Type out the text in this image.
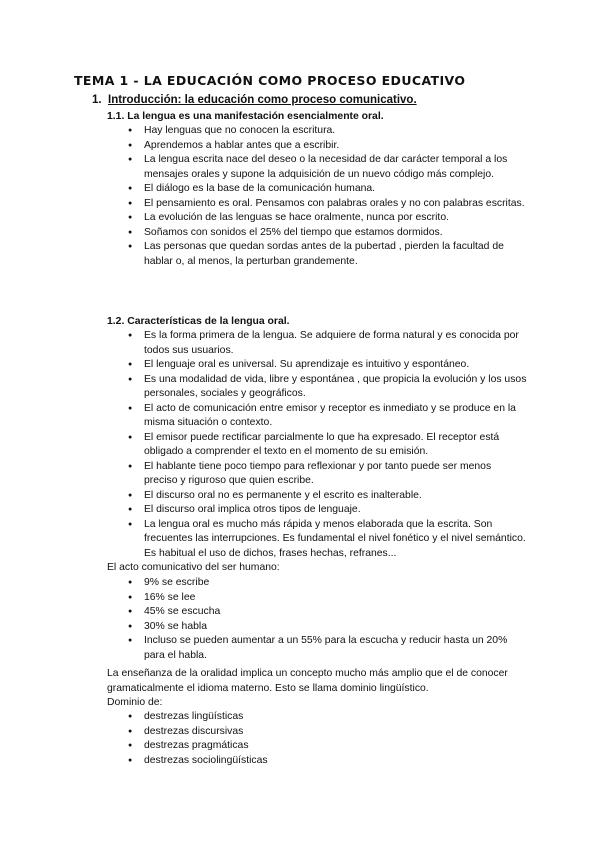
TEMA 1 - LA EDUCACIÓN COMO PROCESO EDUCATIVO
1. Introducción: la educación como proceso comunicativo.
1.1. La lengua es una manifestación esencialmente oral.
● Hay lenguas que no conocen la escritura.
● Aprendemos a hablar antes que a escribir.
● La lengua escrita nace del deseo o la necesidad de dar carácter temporal a los mensajes orales y supone la adquisición de un nuevo código más complejo.
● El diálogo es la base de la comunicación humana.
● El pensamiento es oral. Pensamos con palabras orales y no con palabras escritas.
● La evolución de las lenguas se hace oralmente, nunca por escrito.
● Soñamos con sonidos el 25% del tiempo que estamos dormidos.
● Las personas que quedan sordas antes de la pubertad , pierden la facultad de hablar o, al menos, la perturban grandemente.
1.2. Características de la lengua oral.
● Es la forma primera de la lengua. Se adquiere de forma natural y es conocida por todos sus usuarios.
● El lenguaje oral es universal. Su aprendizaje es intuitivo y espontáneo.
● Es una modalidad de vida, libre y espontánea , que propicia la evolución y los usos personales, sociales y geográficos.
● El acto de comunicación entre emisor y receptor es inmediato y se produce en la misma situación o contexto.
● El emisor puede rectificar parcialmente lo que ha expresado. El receptor está obligado a comprender el texto en el momento de su emisión.
● El hablante tiene poco tiempo para reflexionar y por tanto puede ser menos preciso y riguroso que quien escribe.
● El discurso oral no es permanente y el escrito es inalterable.
● El discurso oral implica otros tipos de lenguaje.
● La lengua oral es mucho más rápida y menos elaborada que la escrita. Son frecuentes las interrupciones. Es fundamental el nivel fonético y el nivel semántico. Es habitual el uso de dichos, frases hechas, refranes...
El acto comunicativo del ser humano:
● 9% se escribe
● 16% se lee
● 45% se escucha
● 30% se habla
● Incluso se pueden aumentar a un 55% para la escucha y reducir hasta un 20% para el habla.
La enseñanza de la oralidad implica un concepto mucho más amplio que el de conocer gramaticalmente el idioma materno. Esto se llama dominio lingüístico.
Dominio de:
● destrezas lingüísticas
● destrezas discursivas
● destrezas pragmáticas
● destrezas sociolingüísticas
